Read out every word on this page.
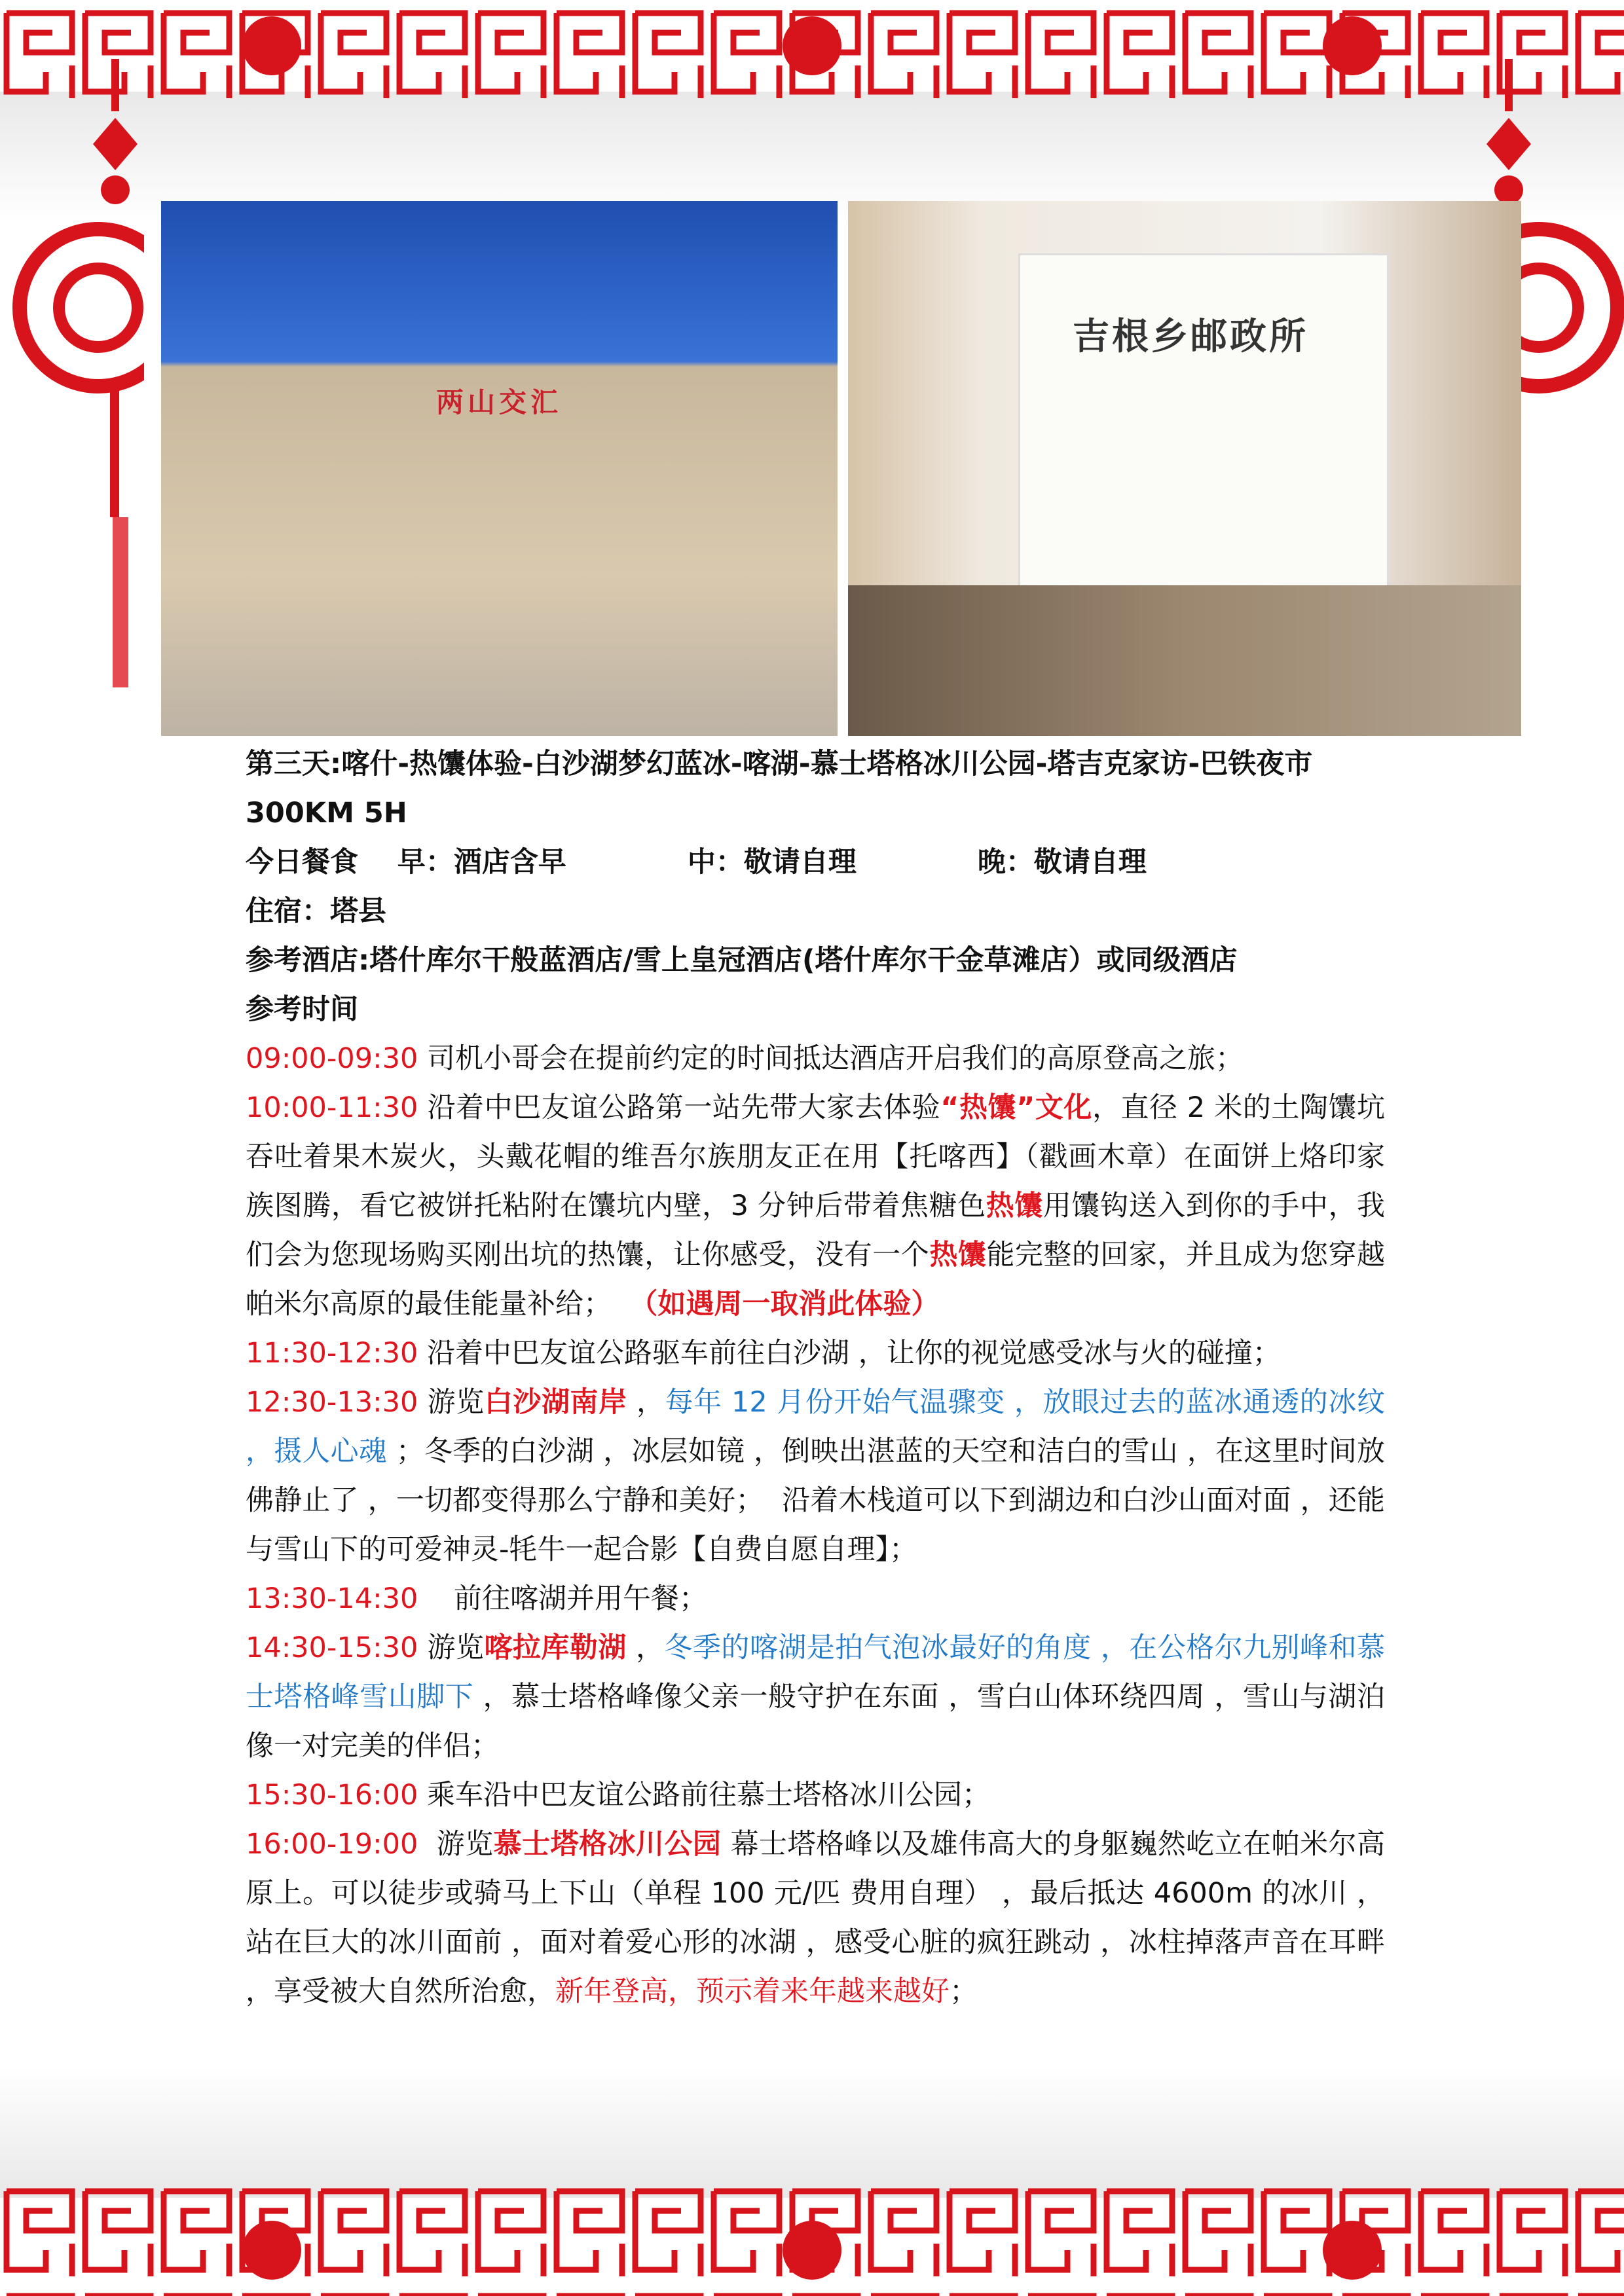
两山交汇
吉根乡邮政所
第三天:喀什-热馕体验-白沙湖梦幻蓝冰-喀湖-慕士塔格冰川公园-塔吉克家访-巴铁夜市
300KM 5H
今日餐食 早：酒店含早	中：敬请自理	晚：敬请自理
住宿：塔县
参考酒店:塔什库尔干般蓝酒店/雪上皇冠酒店(塔什库尔干金草滩店）或同级酒店
参考时间
09:00-09:30 司机小哥会在提前约定的时间抵达酒店开启我们的高原登高之旅；
10:00-11:30 沿着中巴友谊公路第一站先带大家去体验“热馕”文化，直径 2 米的土陶馕坑吞吐着果木炭火，头戴花帽的维吾尔族朋友正在用【托喀西】（戳画木章）在面饼上烙印家族图腾，看它被饼托粘附在馕坑内壁，3 分钟后带着焦糖色热馕用馕钩送入到你的手中，我们会为您现场购买刚出坑的热馕，让你感受，没有一个热馕能完整的回家，并且成为您穿越帕米尔高原的最佳能量补给；  （如遇周一取消此体验）
11:30-12:30 沿着中巴友谊公路驱车前往白沙湖 ，让你的视觉感受冰与火的碰撞；
12:30-13:30 游览白沙湖南岸 ，每年 12 月份开始气温骤变 ，放眼过去的蓝冰通透的冰纹 ，摄人心魂 ；冬季的白沙湖 ，冰层如镜 ，倒映出湛蓝的天空和洁白的雪山 ，在这里时间放佛静止了 ，一切都变得那么宁静和美好；  沿着木栈道可以下到湖边和白沙山面对面 ，还能与雪山下的可爱神灵-牦牛一起合影【自费自愿自理】；
13:30-14:30    前往喀湖并用午餐；
14:30-15:30 游览喀拉库勒湖 ，冬季的喀湖是拍气泡冰最好的角度 ，在公格尔九别峰和慕士塔格峰雪山脚下 ，慕士塔格峰像父亲一般守护在东面 ，雪白山体环绕四周 ，雪山与湖泊像一对完美的伴侣；
15:30-16:00 乘车沿中巴友谊公路前往慕士塔格冰川公园；
16:00-19:00  游览慕士塔格冰川公园 幕士塔格峰以及雄伟高大的身躯巍然屹立在帕米尔高原上。可以徒步或骑马上下山（单程 100 元/匹 费用自理） ，最后抵达 4600m 的冰川 ，站在巨大的冰川面前 ，面对着爱心形的冰湖 ，感受心脏的疯狂跳动 ，冰柱掉落声音在耳畔 ，享受被大自然所治愈，新年登高，预示着来年越来越好；
